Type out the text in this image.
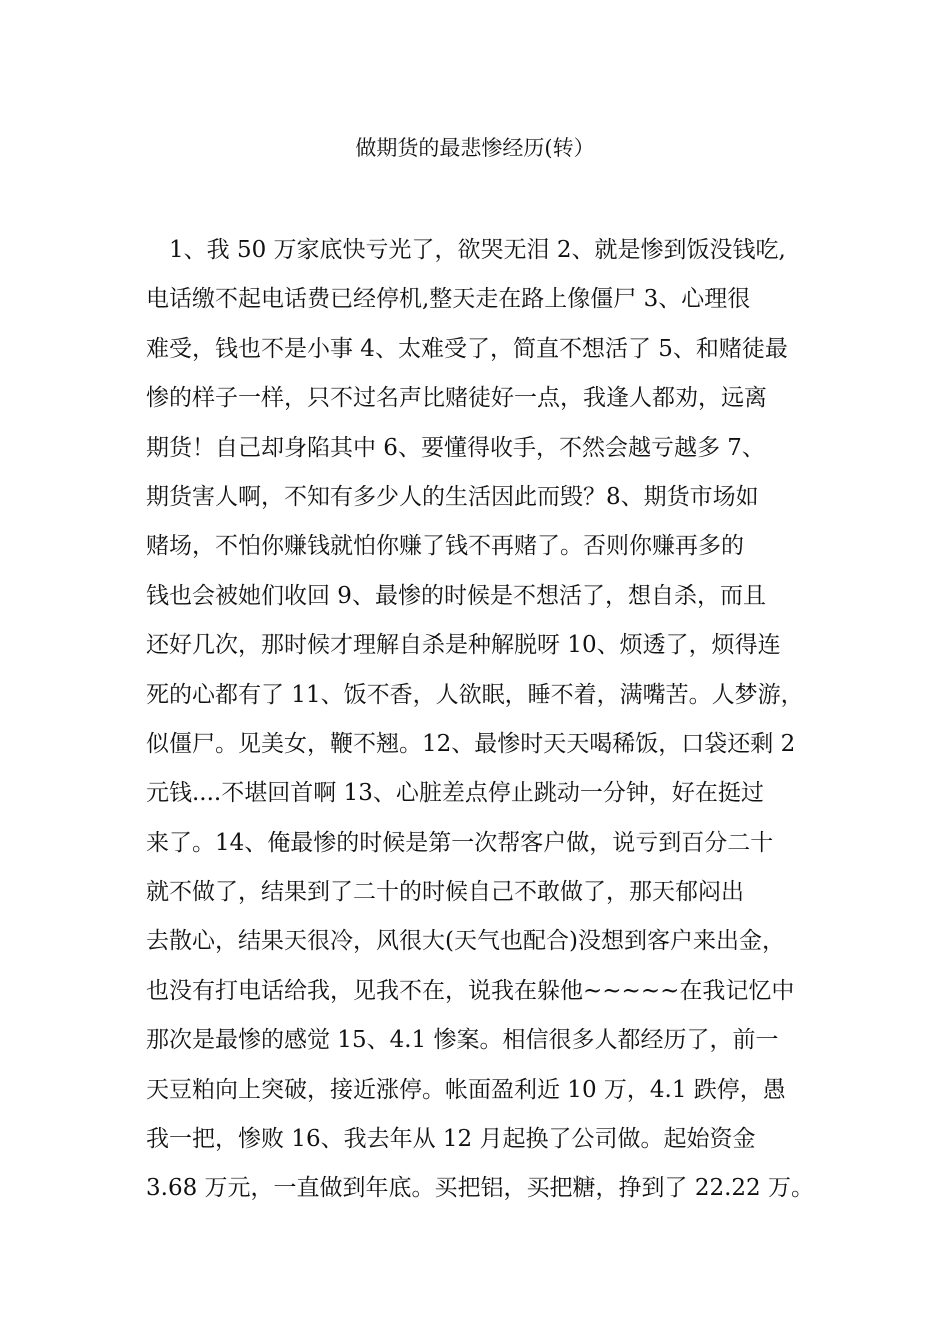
做期货的最悲惨经历(转）
1、我 50 万家底快亏光了，欲哭无泪 2、就是惨到饭没钱吃,
电话缴不起电话费已经停机,整天走在路上像僵尸 3、心理很
难受，钱也不是小事 4、太难受了，简直不想活了 5、和赌徒最
惨的样子一样，只不过名声比赌徒好一点，我逢人都劝，远离
期货！自己却身陷其中 6、要懂得收手，不然会越亏越多 7、
期货害人啊，不知有多少人的生活因此而毁？8、期货市场如
赌场，不怕你赚钱就怕你赚了钱不再赌了。否则你赚再多的
钱也会被她们收回 9、最惨的时候是不想活了，想自杀，而且
还好几次，那时候才理解自杀是种解脱呀 10、烦透了，烦得连
死的心都有了 11、饭不香，人欲眠，睡不着，满嘴苦。人梦游，
似僵尸。见美女，鞭不翘。12、最惨时天天喝稀饭，口袋还剩 2
元钱....不堪回首啊 13、心脏差点停止跳动一分钟，好在挺过
来了。14、俺最惨的时候是第一次帮客户做，说亏到百分二十
就不做了，结果到了二十的时候自己不敢做了，那天郁闷出
去散心，结果天很冷，风很大(天气也配合)没想到客户来出金，
也没有打电话给我，见我不在，说我在躲他~~~~~在我记忆中
那次是最惨的感觉 15、4.1 惨案。相信很多人都经历了，前一
天豆粕向上突破，接近涨停。帐面盈利近 10 万，4.1 跌停，愚
我一把，惨败 16、我去年从 12 月起换了公司做。起始资金
3.68 万元，一直做到年底。买把铝，买把糖，挣到了 22.22 万。
